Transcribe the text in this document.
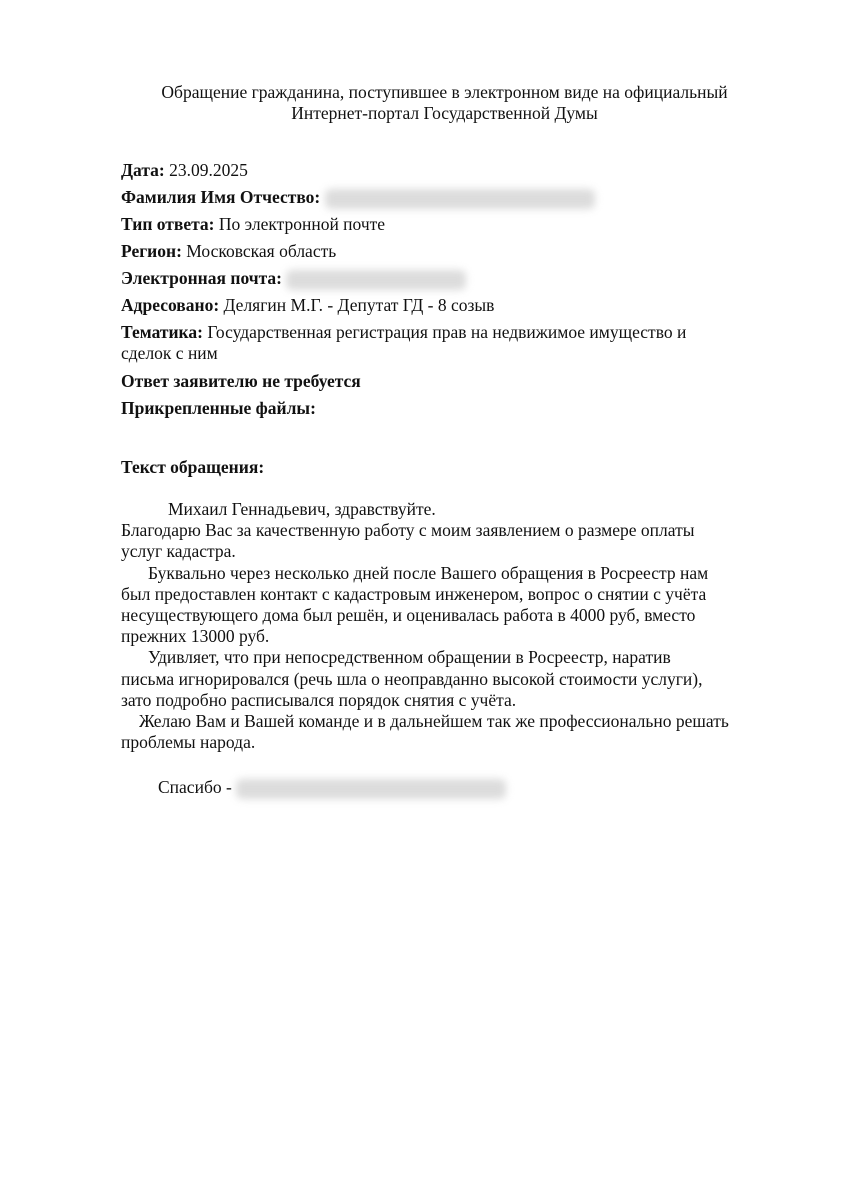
Обращение гражданина, поступившее в электронном виде на официальный
Интернет-портал Государственной Думы
Дата: 23.09.2025
Фамилия Имя Отчество:
Тип ответа: По электронной почте
Регион: Московская область
Электронная почта:
Адресовано: Делягин М.Г. - Депутат ГД - 8 созыв
Тематика: Государственная регистрация прав на недвижимое имущество и сделок с ним
Ответ заявителю не требуется
Прикрепленные файлы:
Текст обращения:

Михаил Геннадьевич, здравствуйте.

Благодарю Вас за качественную работу с моим заявлением о размере оплаты

услуг кадастра.

Буквально через несколько дней после Вашего обращения в Росреестр нам

был предоставлен контакт с кадастровым инженером, вопрос о снятии с учёта

несуществующего дома был решён, и оценивалась работа в 4000 руб, вместо

прежних 13000 руб.

Удивляет, что при непосредственном обращении в Росреестр, наратив

письма игнорировался (речь шла о неоправданно высокой стоимости услуги),

зато подробно расписывался порядок снятия с учёта.

Желаю Вам и Вашей команде и в дальнейшем так же профессионально решать

проблемы народа.

Спасибо -
